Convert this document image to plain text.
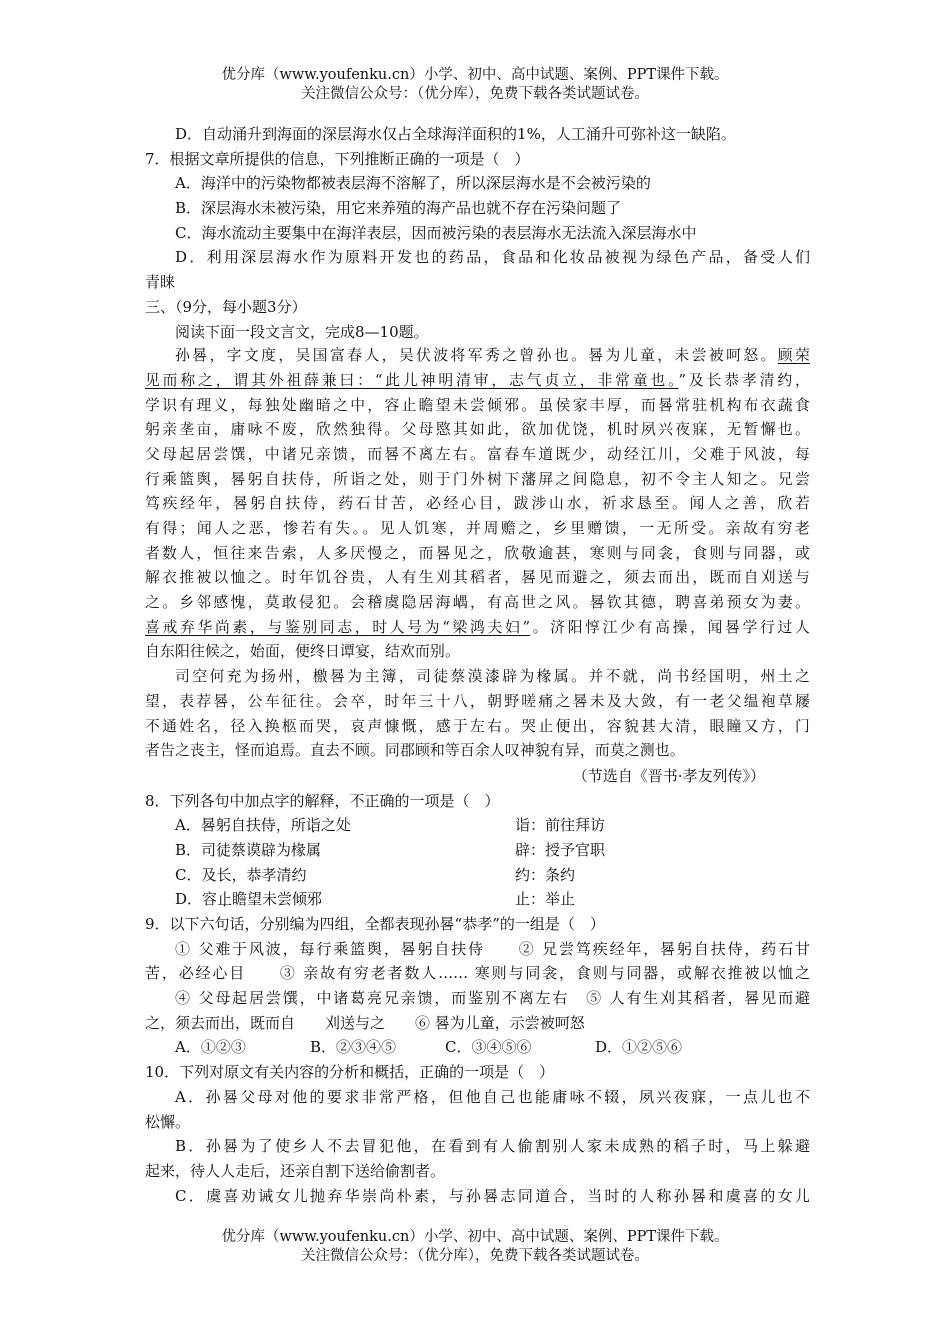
优分库（www.youfenku.cn）小学、初中、高中试题、案例、PPT课件下载。
关注微信公众号：（优分库），免费下载各类试题试卷。
D．自动涌升到海面的深层海水仅占全球海洋面积的1%，人工涌升可弥补这一缺陷。
7．根据文章所提供的信息，下列推断正确的一项是（　）
A．海洋中的污染物都被表层海不溶解了，所以深层海水是不会被污染的
B．深层海水未被污染，用它来养殖的海产品也就不存在污染问题了
C．海水流动主要集中在海洋表层，因而被污染的表层海水无法流入深层海水中
D．利用深层海水作为原料开发也的药品，食品和化妆品被视为绿色产品，备受人们
青睐
三、（9分，每小题3分）
阅读下面一段文言文，完成8—10题。
孙晷，字文度，吴国富春人，吴伏波将军秀之曾孙也。晷为儿童，未尝被呵怒。顾荣
见而称之，谓其外祖薛兼曰：“此儿神明清审，志气贞立，非常童也。”及长恭孝清约，
学识有理义，每独处幽暗之中，容止瞻望未尝倾邪。虽侯家丰厚，而晷常驻机构布衣蔬食
躬亲垄亩，庸咏不废，欣然独得。父母愍其如此，欲加优饶，机时夙兴夜寐，无暂懈也。
父母起居尝馔，中诸兄亲馈，而晷不离左右。富春车道既少，动经江川，父难于风波，每
行乘篮舆，晷躬自扶侍，所诣之处，则于门外树下藩屏之间隐息，初不令主人知之。兄尝
笃疾经年，晷躬自扶侍，药石甘苦，必经心目，跋涉山水，祈求恳至。闻人之善，欣若
有得；闻人之恶，惨若有失。。见人饥寒，并周赡之，乡里赠馈，一无所受。亲故有穷老
者数人，恒往来告索，人多厌慢之，而晷见之，欣敬逾甚，寒则与同衾，食则与同器，或
解衣推被以恤之。时年饥谷贵，人有生刈其稻者，晷见而避之，须去而出，既而自刈送与
之。乡邻感愧，莫敢侵犯。会稽虞隐居海嵎，有高世之风。晷钦其德，聘喜弟预女为妻。
喜戒弃华尚素，与鉴别同志，时人号为“梁鸿夫妇”。济阳惇江少有高操，闻晷学行过人
自东阳往候之，始面，便终日谭宴，结欢而别。
司空何充为扬州，檄晷为主簿，司徒蔡漠漆辟为椽属。并不就，尚书经国明，州土之
望，表荐晷，公车征往。会卒，时年三十八，朝野嗟痛之晷未及大敛，有一老父缊袍草屦
不通姓名，径入换柩而哭，哀声慷慨，感于左右。哭止便出，容貌甚大清，眼瞳又方，门
者告之丧主，怪而追焉。直去不顾。同郡顾和等百余人叹神貌有异，而莫之测也。
（节选自《晋书·孝友列传》）
8．下列各句中加点字的解释，不正确的一项是（　）
A．晷躬自扶侍，所诣之处	诣：前往拜访
B．司徒蔡谟辟为椽属	辟：授予官职
C．及长，恭孝清约	约：条约
D．容止瞻望未尝倾邪	止：举止
9．以下六句话，分别编为四组，全都表现孙晷“恭孝”的一组是（　）
① 父难于风波，每行乘篮舆，晷躬自扶侍　　② 兄尝笃疾经年，晷躬自扶侍，药石甘
苦，必经心目　　③ 亲故有穷老者数人…… 寒则与同衾，食则与同器，或解衣推被以恤之
④ 父母起居尝馔，中诸葛亮兄亲馈，而鉴别不离左右　⑤ 人有生刈其稻者，晷见而避
之，须去而出，既而自　　刈送与之　　⑥ 晷为儿童，示尝被呵怒
A．①②③	B．②③④⑤	C．③④⑤⑥	D．①②⑤⑥
10．下列对原文有关内容的分析和概括，正确的一项是（　）
A．孙晷父母对他的要求非常严格，但他自己也能庸咏不辍，夙兴夜寐，一点儿也不
松懈。
B．孙晷为了使乡人不去冒犯他，在看到有人偷割别人家未成熟的稻子时，马上躲避
起来，待人人走后，还亲自割下送给偷割者。
C．虞喜劝诫女儿抛弃华崇尚朴素，与孙晷志同道合，当时的人称孙晷和虞喜的女儿
优分库（www.youfenku.cn）小学、初中、高中试题、案例、PPT课件下载。
关注微信公众号：（优分库），免费下载各类试题试卷。
